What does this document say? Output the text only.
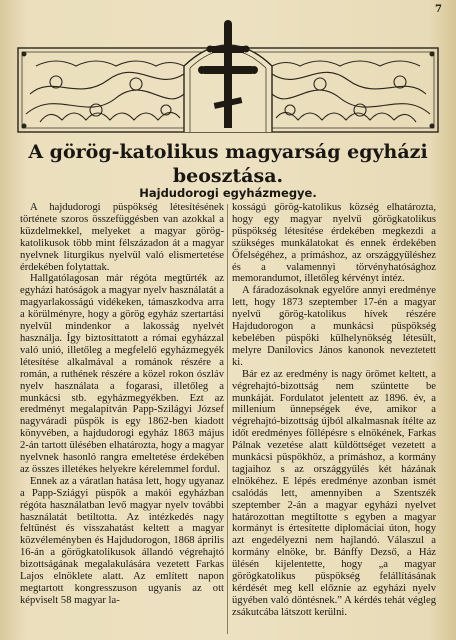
7
A görög-katolikus magyarság egyházi beosztása.
Hajdudorogi egyházmegye.

A hajdudorogi püspökség létesítésének története szoros összefüggésben van azokkal a küzdelmekkel, melyeket a magyar görög-katolikusok több mint félszázadon át a magyar nyelvnek liturgikus nyelvül való elismertetése érdekében folytattak.

Hallgatólagosan már régóta megtűrték az egyházi hatóságok a magyar nyelv használatát a magyarlakosságú vidékeken, támaszkodva arra a körülményre, hogy a görög egyház szertartási nyelvül mindenkor a lakosság nyelvét használja. Így biztosíttatott a római egyházzal való unió, illetőleg a megfelelő egyházmegyék létesítése alkalmával a románok részére a román, a ruthének részére a közel rokon ószláv nyelv használata a fogarasi, illetőleg a munkácsi stb. egyházmegyékben. Ezt az eredményt megalapítván Papp-Szilágyi József nagyváradi püspök is egy 1862-ben kiadott könyvében, a hajdudorogi egyház 1863 május 2-án tartott ülésében elhatározta, hogy a magyar nyelvnek hasonló rangra emeltetése érdekében az összes illetékes helyekre kérelemmel fordul.

Ennek az a váratlan hatása lett, hogy ugyanaz a Papp-Sziágyi püspök a makói egyházban régóta használatban levő magyar nyelv további használatát betiltotta. Az intézkedés nagy feltűnést és visszahatást keltett a magyar közvéleményben és Hajdudorogon, 1868 április 16-án a görögkatolikusok állandó végrehajtó bizottságának megalakulására vezetett Farkas Lajos elnöklete alatt. Az említett napon megtartott kongresszuson ugyanis az ott képviselt 58 magyar la-

kosságú görög-katolikus község elhatározta, hogy egy magyar nyelvű görögkatolikus püspökség létesítése érdekében megkezdi a szükséges munkálatokat és ennek érdekében Őfelségéhez, a prímáshoz, az országgyűléshez és a valamennyi törvényhatósághoz memorandumot, illetőleg kérvényt intéz.

A fáradozásoknak egyelőre annyi eredménye lett, hogy 1873 szeptember 17-én a magyar nyelvű görög-katolikus hívek részére Hajdudorogon a munkácsi püspökség kebelében püspöki külhelynökség létesült, melyre Danilovics János kanonok neveztetett ki.

Bár ez az eredmény is nagy örömet keltett, a végrehajtó-bizottság nem szüntette be munkáját. Fordulatot jelentett az 1896. év, a millenium ünnepségek éve, amikor a végrehajtó-bizottság újból alkalmasnak ítélte az időt eredményes föllépésre s elnökének, Farkas Pálnak vezetése alatt küldöttséget vezetett a munkácsi püspökhöz, a prímáshoz, a kormány tagjaihoz s az országgyűlés két házának elnökéhez. E lépés eredménye azonban ismét csalódás lett, amennyiben a Szentszék szeptember 2-án a magyar egyházi nyelvet határozottan megtiltotte s egyben a magyar kormányt is értesítette diplomáciai úton, hogy azt engedélyezni nem hajlandó. Válaszul a kormány elnöke, br. Bánffy Dezső, a Ház ülésén kijelentette, hogy „a magyar görögkatolikus püspökség felállításának kérdését meg kell előznie az egyházi nyelv ügyében való döntésnek.” A kérdés tehát végleg zsákutcába látszott kerülni.
